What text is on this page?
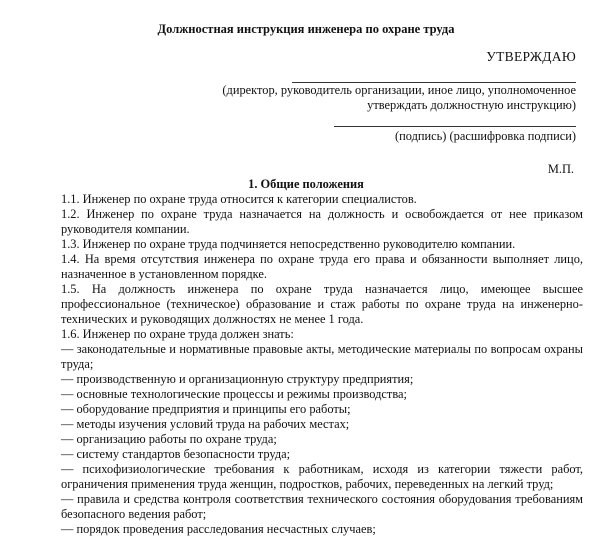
Должностная инструкция инженера по охране труда
УТВЕРЖДАЮ
(директор, руководитель организации, иное лицо, уполномоченное утверждать должностную инструкцию)
(подпись) (расшифровка подписи)
М.П.
1. Общие положения

1.1. Инженер по охране труда относится к категории специалистов.

1.2. Инженер по охране труда назначается на должность и освобождается от нее приказом руководителя компании.

1.3. Инженер по охране труда подчиняется непосредственно руководителю компании.

1.4. На время отсутствия инженера по охране труда его права и обязанности выполняет лицо, назначенное в установленном порядке.

1.5. На должность инженера по охране труда назначается лицо, имеющее высшее профессиональное (техническое) образование и стаж работы по охране труда на инженерно-технических и руководящих должностях не менее 1 года.

1.6. Инженер по охране труда должен знать:

— законодательные и нормативные правовые акты, методические материалы по вопросам охраны труда;

— производственную и организационную структуру предприятия;

— основные технологические процессы и режимы производства;

— оборудование предприятия и принципы его работы;

— методы изучения условий труда на рабочих местах;

— организацию работы по охране труда;

— систему стандартов безопасности труда;

— психофизиологические требования к работникам, исходя из категории тяжести работ, ограничения применения труда женщин, подростков, рабочих, переведенных на легкий труд;

— правила и средства контроля соответствия технического состояния оборудования требованиям безопасного ведения работ;

— порядок проведения расследования несчастных случаев;
